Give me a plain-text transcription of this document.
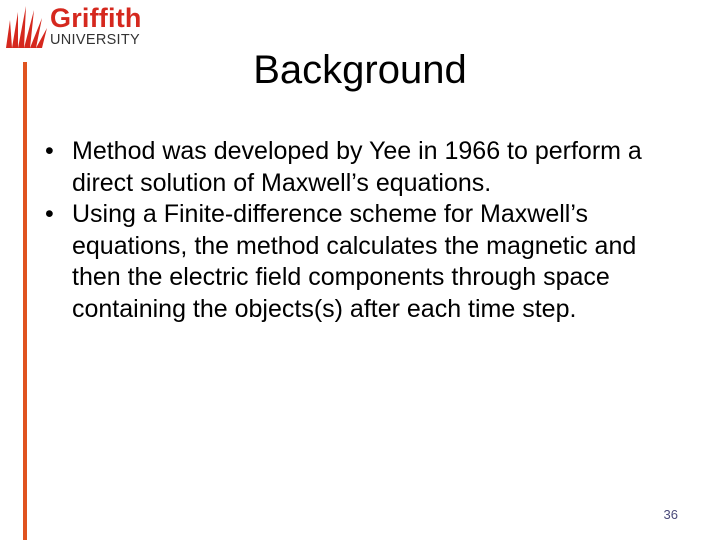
Griffith
UNIVERSITY
Background
• Method was developed by Yee in 1966 to perform a direct solution of Maxwell’s equations.
• Using a Finite-difference scheme for Maxwell’s equations, the method calculates the magnetic and then the electric field components through space containing the objects(s) after each time step.
36
